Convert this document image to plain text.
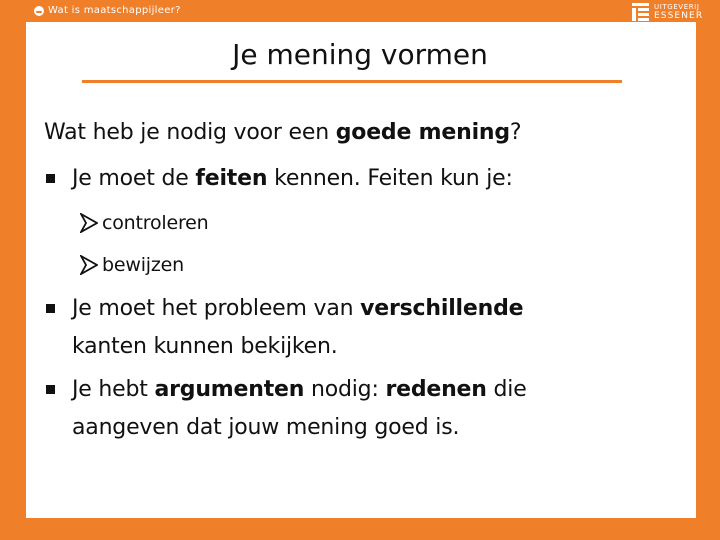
Wat is maatschappijleer?	UITGEVERIJ
ESSENER
Je mening vormen
Wat heb je nodig voor een goede mening?
Je moet de feiten kennen. Feiten kun je:
controleren
bewijzen
Je moet het probleem van verschillende
kanten kunnen bekijken.
Je hebt argumenten nodig: redenen die
aangeven dat jouw mening goed is.
